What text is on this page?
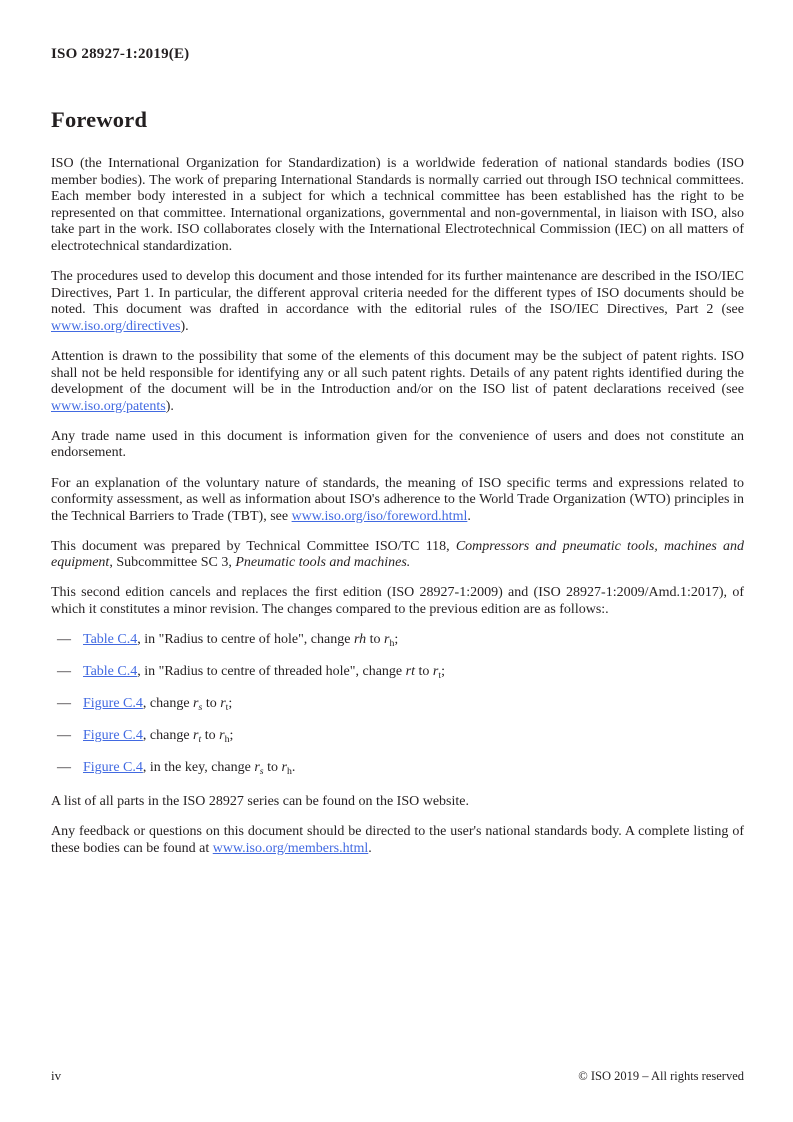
ISO 28927-1:2019(E)
Foreword

ISO (the International Organization for Standardization) is a worldwide federation of national standards bodies (ISO member bodies). The work of preparing International Standards is normally carried out through ISO technical committees. Each member body interested in a subject for which a technical committee has been established has the right to be represented on that committee. International organizations, governmental and non-governmental, in liaison with ISO, also take part in the work. ISO collaborates closely with the International Electrotechnical Commission (IEC) on all matters of electrotechnical standardization.

The procedures used to develop this document and those intended for its further maintenance are described in the ISO/IEC Directives, Part 1. In particular, the different approval criteria needed for the different types of ISO documents should be noted. This document was drafted in accordance with the editorial rules of the ISO/IEC Directives, Part 2 (see www.iso.org/directives).

Attention is drawn to the possibility that some of the elements of this document may be the subject of patent rights. ISO shall not be held responsible for identifying any or all such patent rights. Details of any patent rights identified during the development of the document will be in the Introduction and/or on the ISO list of patent declarations received (see www.iso.org/patents).

Any trade name used in this document is information given for the convenience of users and does not constitute an endorsement.

For an explanation of the voluntary nature of standards, the meaning of ISO specific terms and expressions related to conformity assessment, as well as information about ISO's adherence to the World Trade Organization (WTO) principles in the Technical Barriers to Trade (TBT), see www.iso.org/iso/foreword.html.

This document was prepared by Technical Committee ISO/TC 118, Compressors and pneumatic tools, machines and equipment, Subcommittee SC 3, Pneumatic tools and machines.

This second edition cancels and replaces the first edition (ISO 28927-1:2009) and (ISO 28927-1:2009/Amd.1:2017), of which it constitutes a minor revision. The changes compared to the previous edition are as follows:.

— Table C.4, in "Radius to centre of hole", change rh to $r_h$;
— Table C.4, in "Radius to centre of threaded hole", change rt to $r_t$;
— Figure C.4, change $r_s$ to $r_t$;
— Figure C.4, change $r_t$ to $r_h$;
— Figure C.4, in the key, change $r_s$ to $r_h$.

A list of all parts in the ISO 28927 series can be found on the ISO website.

Any feedback or questions on this document should be directed to the user's national standards body. A complete listing of these bodies can be found at www.iso.org/members.html.

iv	© ISO 2019 – All rights reserved
